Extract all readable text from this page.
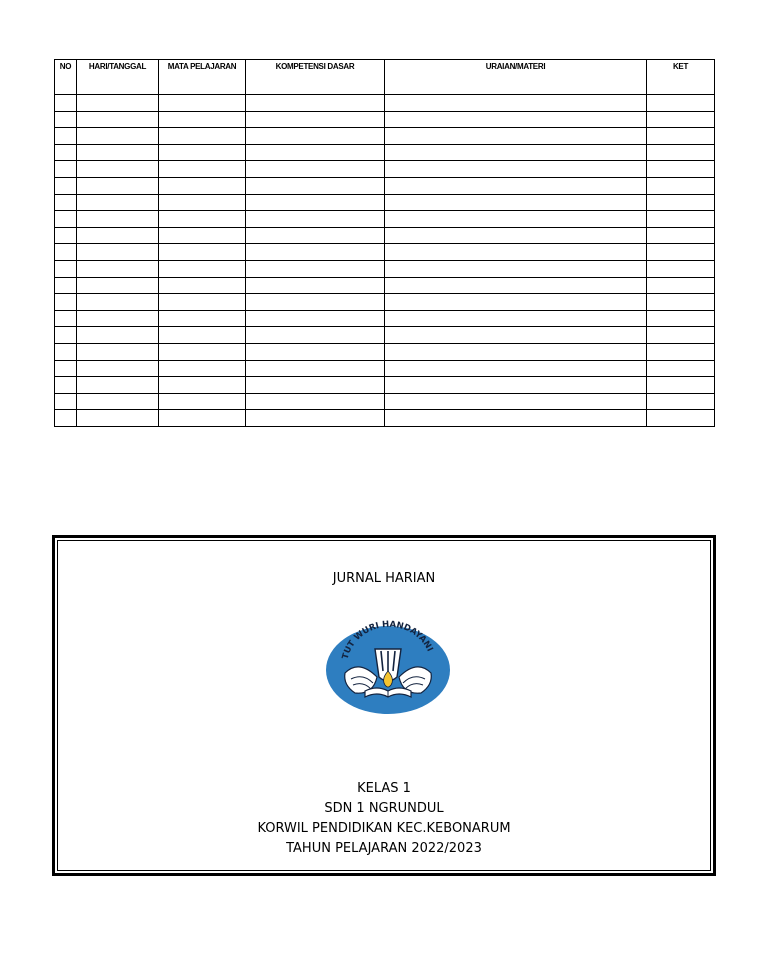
NO	HARI/TANGGAL	MATA PELAJARAN	KOMPETENSI DASAR	URAIAN/MATERI	KET

JURNAL HARIAN
TUT WURI HANDAYANI
KELAS 1
SDN 1 NGRUNDUL
KORWIL PENDIDIKAN KEC.KEBONARUM
TAHUN PELAJARAN 2022/2023
